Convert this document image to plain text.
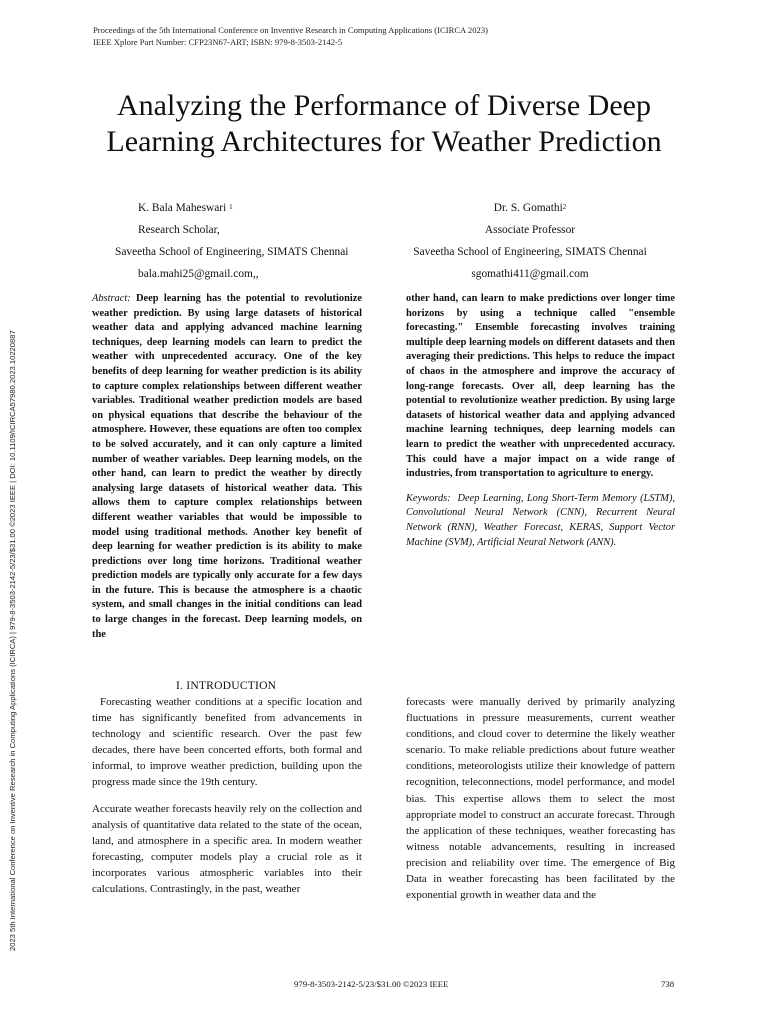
Proceedings of the 5th International Conference on Inventive Research in Computing Applications (ICIRCA 2023)
IEEE Xplore Part Number: CFP23N67-ART; ISBN: 979-8-3503-2142-5
Analyzing the Performance of Diverse Deep
Learning Architectures for Weather Prediction
K. Bala Maheswari $^1$
Research Scholar,
Saveetha School of Engineering, SIMATS Chennai
bala.mahi25@gmail.com,,
Dr. S. Gomathi$^2$
Associate Professor
Saveetha School of Engineering, SIMATS Chennai
sgomathi411@gmail.com
2023 5th International Conference on Inventive Research in Computing Applications (ICIRCA) | 979-8-3503-2142-5/23/$31.00 ©2023 IEEE | DOI: 10.1109/ICIRCA57980.2023.10220887
Abstract: Deep learning has the potential to revolutionize weather prediction. By using large datasets of historical weather data and applying advanced machine learning techniques, deep learning models can learn to predict the weather with unprecedented accuracy. One of the key benefits of deep learning for weather prediction is its ability to capture complex relationships between different weather variables. Traditional weather prediction models are based on physical equations that describe the behaviour of the atmosphere. However, these equations are often too complex to be solved accurately, and it can only capture a limited number of weather variables. Deep learning models, on the other hand, can learn to predict the weather by directly analysing large datasets of historical weather data. This allows them to capture complex relationships between different weather variables that would be impossible to model using traditional methods. Another key benefit of deep learning for weather prediction is its ability to make predictions over long time horizons. Traditional weather prediction models are typically only accurate for a few days in the future. This is because the atmosphere is a chaotic system, and small changes in the initial conditions can lead to large changes in the forecast. Deep learning models, on the

other hand, can learn to make predictions over longer time horizons by using a technique called "ensemble forecasting." Ensemble forecasting involves training multiple deep learning models on different datasets and then averaging their predictions. This helps to reduce the impact of chaos in the atmosphere and improve the accuracy of long-range forecasts. Over all, deep learning has the potential to revolutionize weather prediction. By using large datasets of historical weather data and applying advanced machine learning techniques, deep learning models can learn to predict the weather with unprecedented accuracy. This could have a major impact on a wide range of industries, from transportation to agriculture to energy.

Keywords: Deep Learning, Long Short-Term Memory (LSTM), Convolutional Neural Network (CNN), Recurrent Neural Network (RNN), Weather Forecast, KERAS, Support Vector Machine (SVM), Artificial Neural Network (ANN).

I. INTRODUCTION

Forecasting weather conditions at a specific location and time has significantly benefited from advancements in technology and scientific research. Over the past few decades, there have been concerted efforts, both formal and informal, to improve weather prediction, building upon the progress made since the 19th century.

Accurate weather forecasts heavily rely on the collection and analysis of quantitative data related to the state of the ocean, land, and atmosphere in a specific area. In modern weather forecasting, computer models play a crucial role as it incorporates various atmospheric variables into their calculations. Contrastingly, in the past, weather

forecasts were manually derived by primarily analyzing fluctuations in pressure measurements, current weather conditions, and cloud cover to determine the likely weather scenario. To make reliable predictions about future weather conditions, meteorologists utilize their knowledge of pattern recognition, teleconnections, model performance, and model bias. This expertise allows them to select the most appropriate model to construct an accurate forecast. Through the application of these techniques, weather forecasting has witness notable advancements, resulting in increased precision and reliability over time. The emergence of Big Data in weather forecasting has been facilitated by the exponential growth in weather data and the

979-8-3503-2142-5/23/$31.00 ©2023 IEEE	738
